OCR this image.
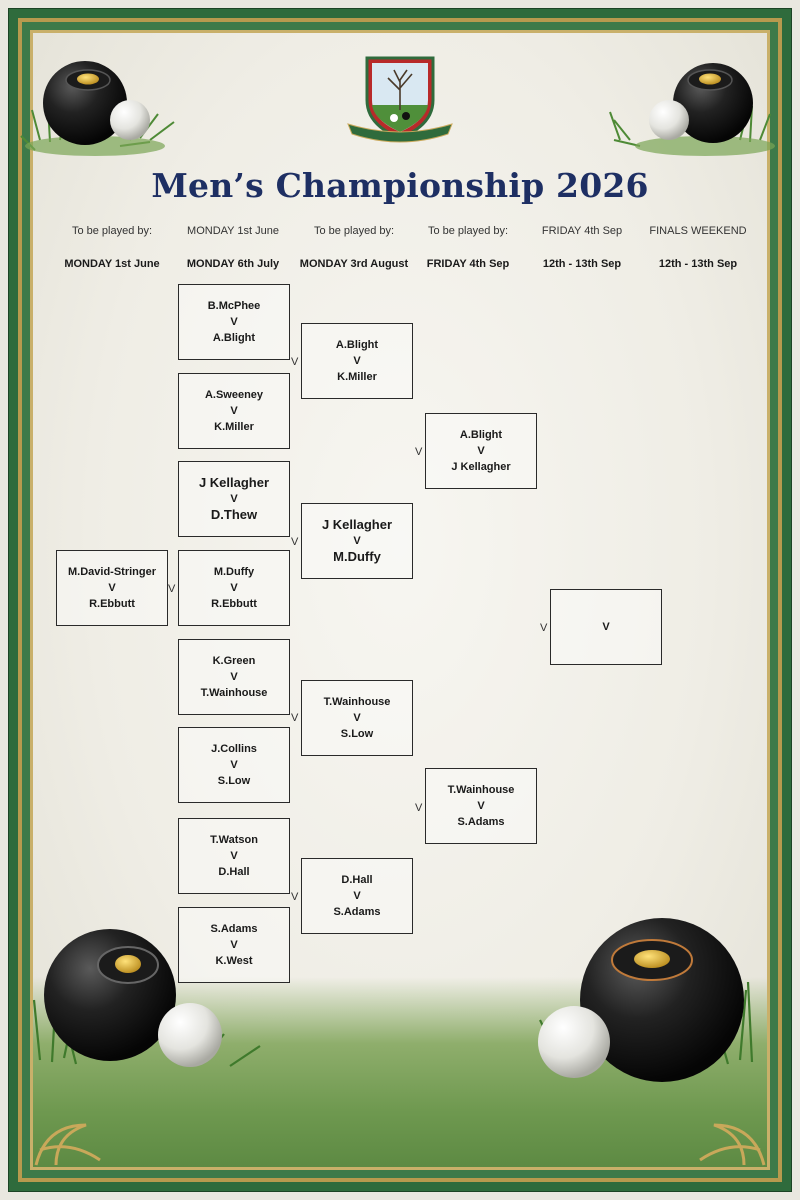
Men’s Championship 2026
To be played by:
MONDAY 1st June
MONDAY 1st June
MONDAY 6th July
To be played by:
MONDAY 3rd August
To be played by:
FRIDAY 4th Sep
FRIDAY 4th Sep
12th - 13th Sep
FINALS WEEKEND
12th - 13th Sep
M.David-Stringer
V
R.Ebbutt
V
B.McPhee
V
A.Blight
A.Sweeney
V
K.Miller
J Kellagher
V
D.Thew
M.Duffy
V
R.Ebbutt
K.Green
V
T.Wainhouse
J.Collins
V
S.Low
T.Watson
V
D.Hall
S.Adams
V
K.West
A.Blight
V
K.Miller
J Kellagher
V
M.Duffy
T.Wainhouse
V
S.Low
D.Hall
V
S.Adams
V
V
V
V
A.Blight
V
J Kellagher
T.Wainhouse
V
S.Adams
V
V
V
V
